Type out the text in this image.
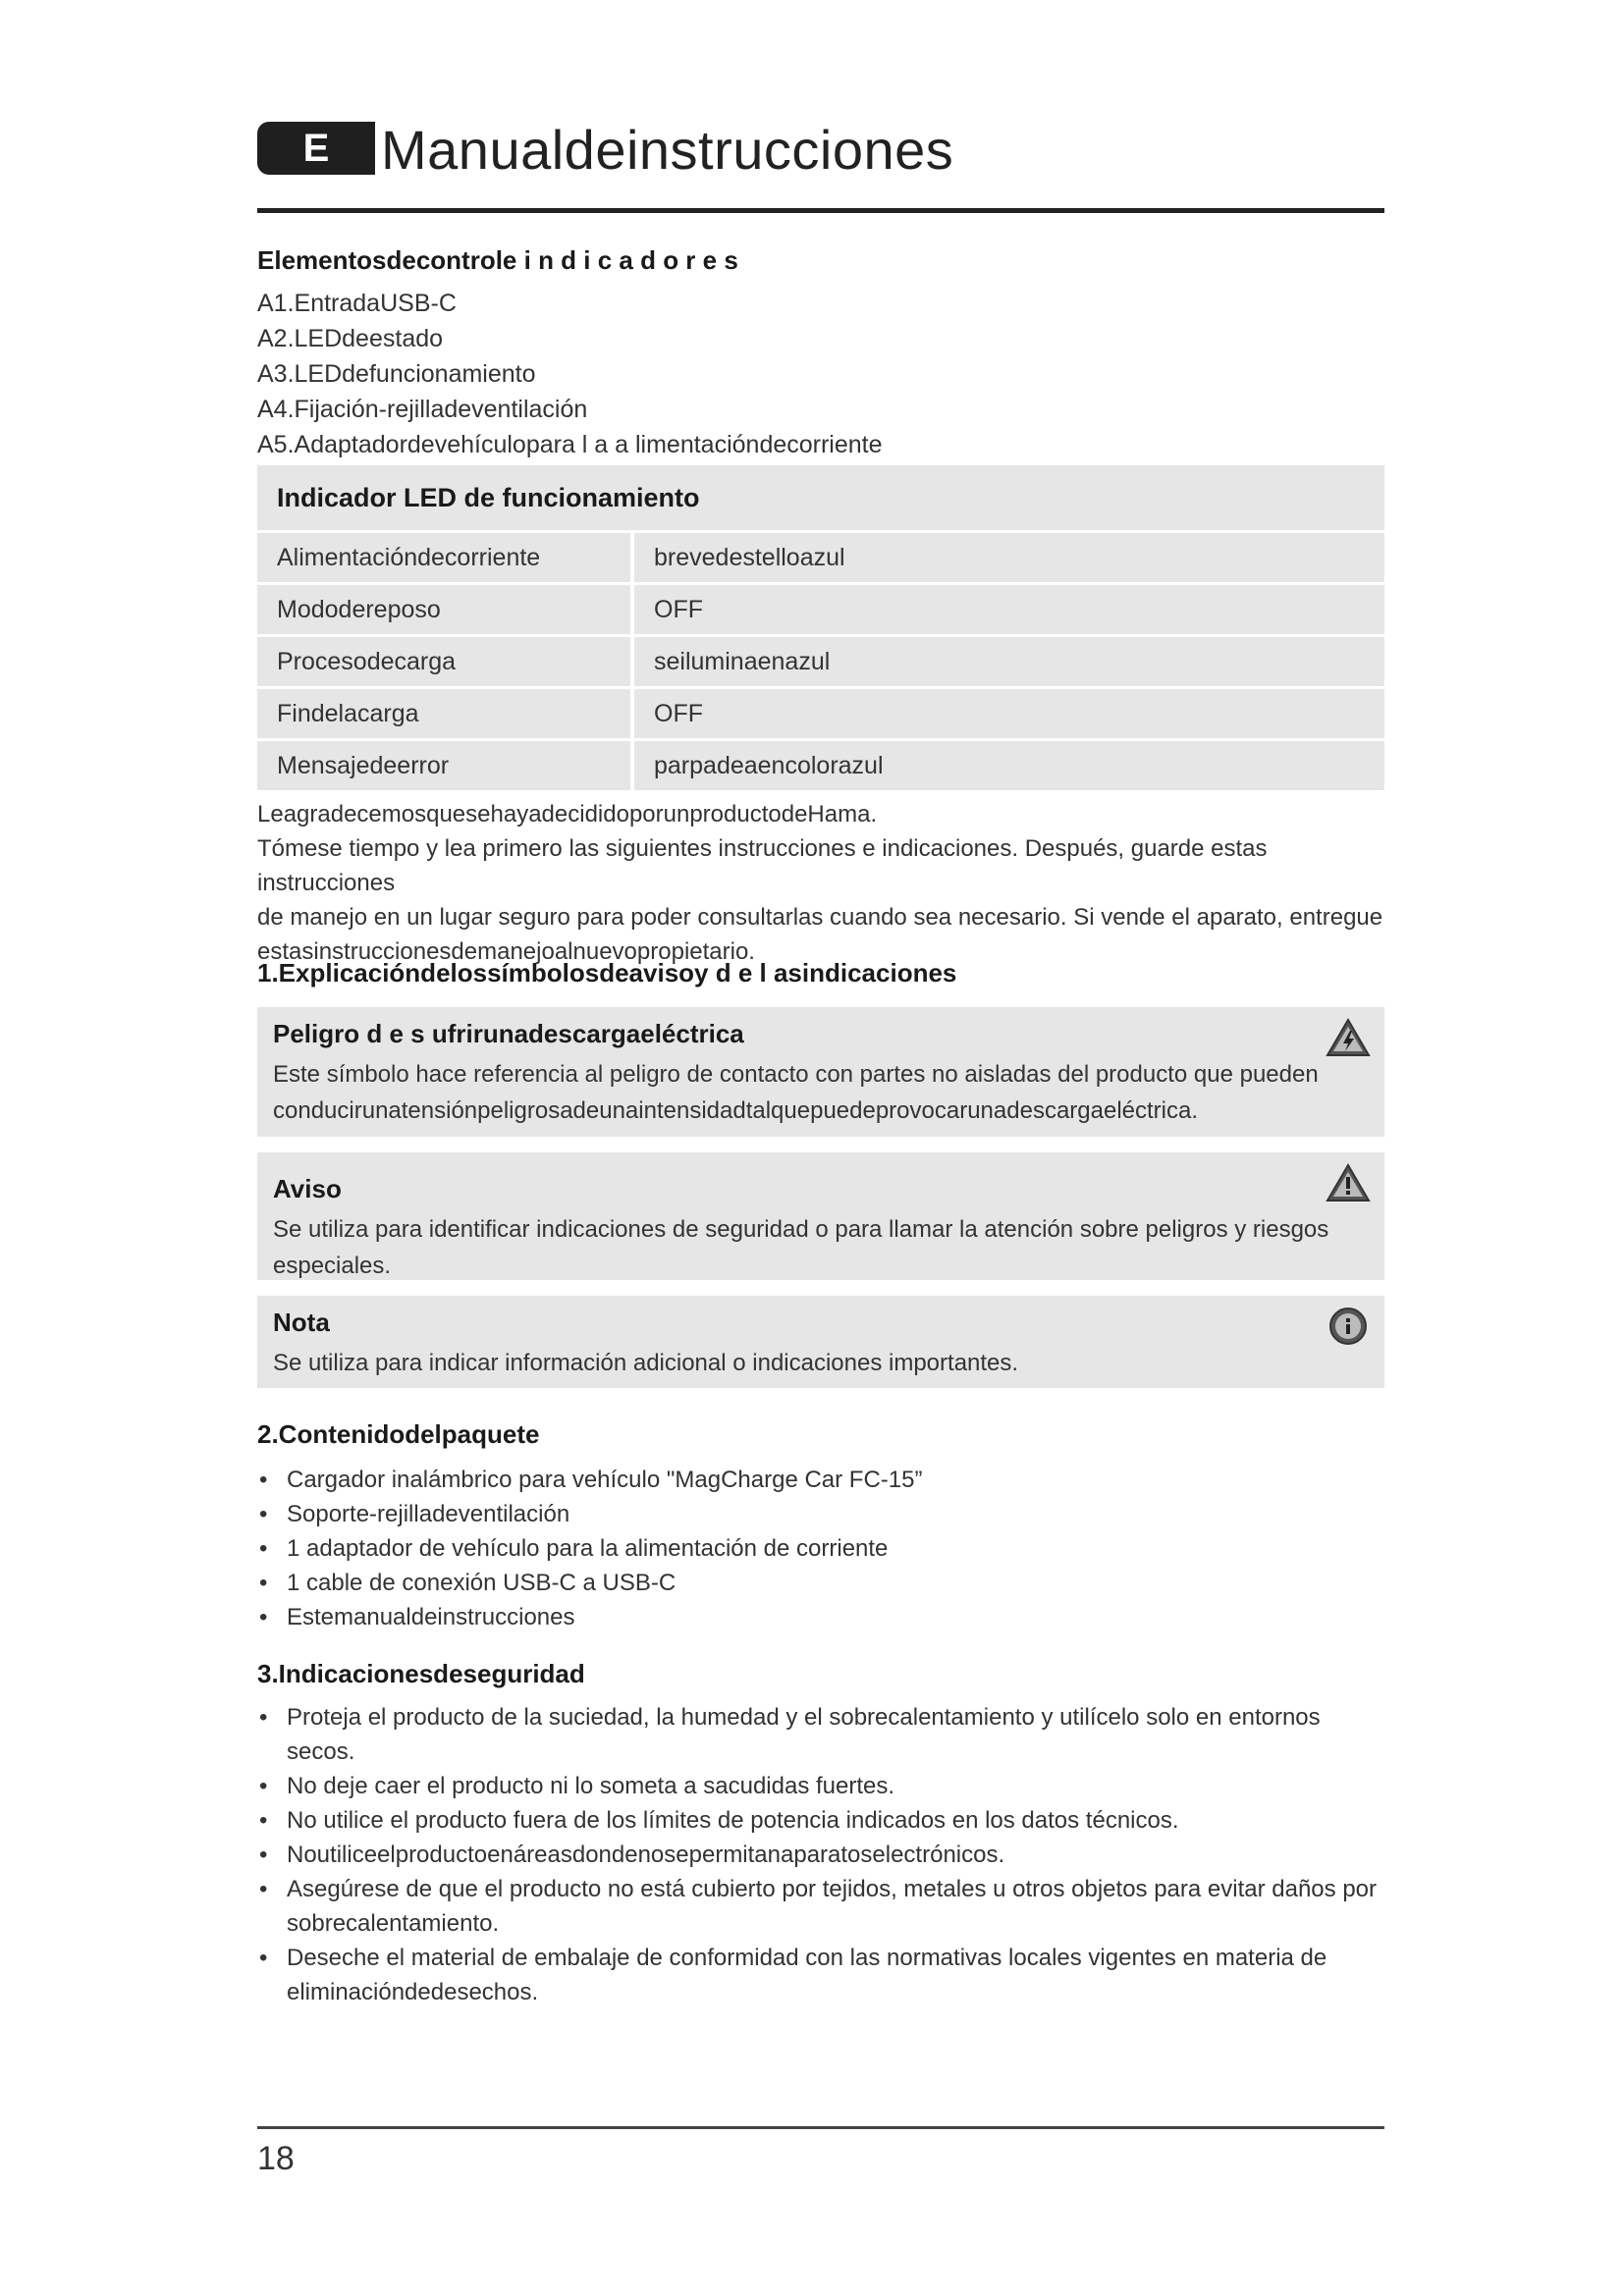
E Manualdeinstrucciones
Elementosdecontrole i n d i c a d o r e s
A1.EntradaUSB-C
A2.LEDdeestado
A3.LEDdefuncionamiento
A4.Fijación-rejilladeventilación
A5.Adaptadordevehículopara l a a limentacióndecorriente
Indicador LED de funcionamiento
Alimentacióndecorriente	brevedestelloazul
Mododereposo	OFF
Procesodecarga	seiluminaenazul
Findelacarga	OFF
Mensajedeerror	parpadeaencolorazul

LeagradecemosquesehayadecididoporunproductodeHama.

Tómese tiempo y lea primero las siguientes instrucciones e indicaciones. Después, guarde estas instrucciones

de manejo en un lugar seguro para poder consultarlas cuando sea necesario. Si vende el aparato, entregue

estasinstruccionesdemanejoalnuevopropietario.

1.Explicacióndelossímbolosdeavisoy d e l asindicaciones
Peligro d e s ufrirunadescargaeléctrica
Este símbolo hace referencia al peligro de contacto con partes no aisladas del producto que pueden
conducirunatensiónpeligrosadeunaintensidadtalquepuedeprovocarunadescargaeléctrica.
Aviso
Se utiliza para identificar indicaciones de seguridad o para llamar la atención sobre peligros y riesgos
especiales.
Nota
Se utiliza para indicar información adicional o indicaciones importantes.
2.Contenidodelpaquete
• Cargador inalámbrico para vehículo "MagCharge Car FC-15”
• Soporte-rejilladeventilación
• 1 adaptador de vehículo para la alimentación de corriente
• 1 cable de conexión USB-C a USB-C
• Estemanualdeinstrucciones
3.Indicacionesdeseguridad
• Proteja el producto de la suciedad, la humedad y el sobrecalentamiento y utilícelo solo en entornos secos.
• No deje caer el producto ni lo someta a sacudidas fuertes.
• No utilice el producto fuera de los límites de potencia indicados en los datos técnicos.
• Noutiliceelproductoenáreasdondenosepermitanaparatoselectrónicos.
• Asegúrese de que el producto no está cubierto por tejidos, metales u otros objetos para evitar daños por
sobrecalentamiento.
• Deseche el material de embalaje de conformidad con las normativas locales vigentes en materia de
eliminacióndedesechos.
18
